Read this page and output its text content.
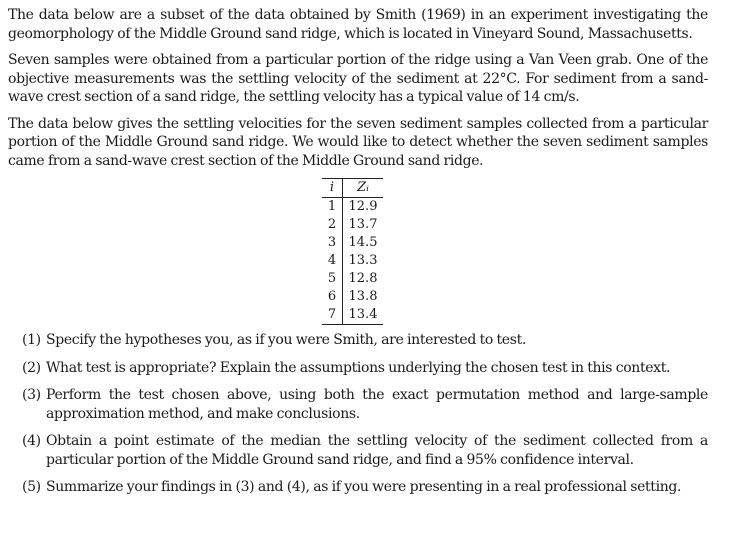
The data below are a subset of the data obtained by Smith (1969) in an experiment investigating the geomorphology of the Middle Ground sand ridge, which is located in Vineyard Sound, Massachusetts.

Seven samples were obtained from a particular portion of the ridge using a Van Veen grab. One of the objective measurements was the settling velocity of the sediment at 22°C. For sediment from a sand-wave crest section of a sand ridge, the settling velocity has a typical value of 14 cm/s.

The data below gives the settling velocities for the seven sediment samples collected from a particular portion of the Middle Ground sand ridge. We would like to detect whether the seven sediment samples came from a sand-wave crest section of the Middle Ground sand ridge.

i	Zᵢ
1	12.9
2	13.7
3	14.5
4	13.3
5	12.8
6	13.8
7	13.4
(1) Specify the hypotheses you, as if you were Smith, are interested to test.
(2) What test is appropriate? Explain the assumptions underlying the chosen test in this context.
(3) Perform the test chosen above, using both the exact permutation method and large-sample approximation method, and make conclusions.
(4) Obtain a point estimate of the median the settling velocity of the sediment collected from a particular portion of the Middle Ground sand ridge, and find a 95% confidence interval.
(5) Summarize your findings in (3) and (4), as if you were presenting in a real professional setting.
